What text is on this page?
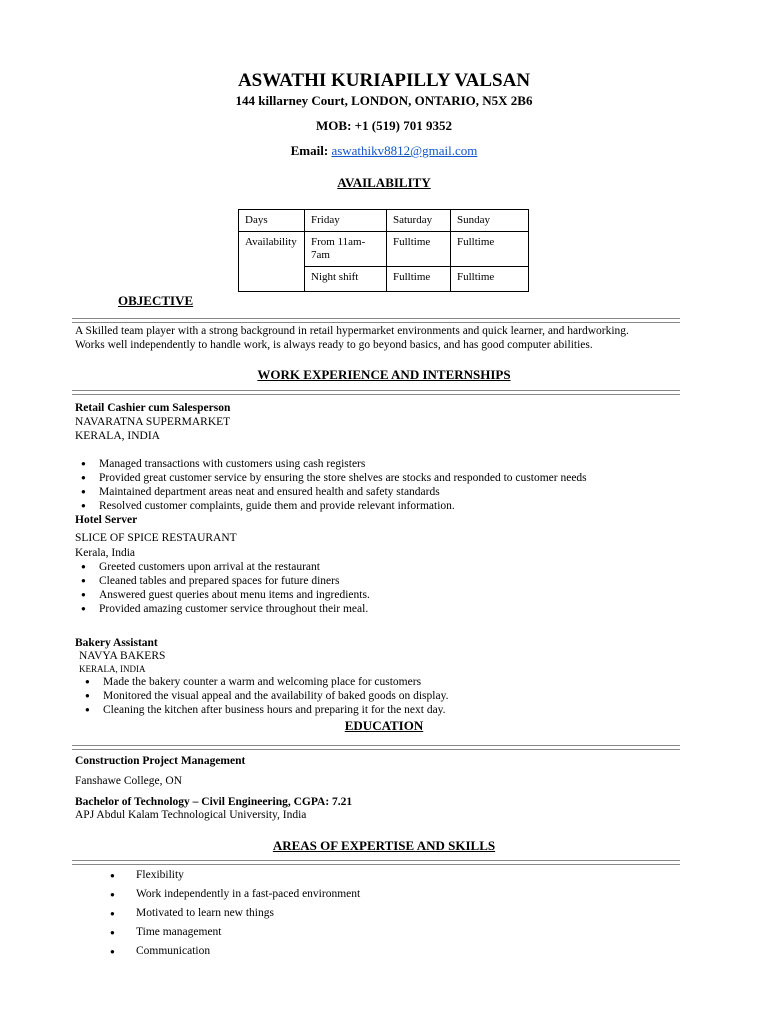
ASWATHI KURIAPILLY VALSAN
144 killarney Court, LONDON, ONTARIO, N5X 2B6
MOB: +1 (519) 701 9352
Email: aswathikv8812@gmail.com
AVAILABILITY
Days	Friday	Saturday	Sunday
Availability	From 11am-7am	Fulltime	Fulltime
	Night shift	Fulltime	Fulltime
OBJECTIVE
A Skilled team player with a strong background in retail hypermarket environments and quick learner, and hardworking.
Works well independently to handle work, is always ready to go beyond basics, and has good computer abilities.
WORK EXPERIENCE AND INTERNSHIPS
Retail Cashier cum Salesperson
NAVARATNA SUPERMARKET
KERALA, INDIA
● Managed transactions with customers using cash registers
● Provided great customer service by ensuring the store shelves are stocks and responded to customer needs
● Maintained department areas neat and ensured health and safety standards
● Resolved customer complaints, guide them and provide relevant information.
Hotel Server
SLICE OF SPICE RESTAURANT
Kerala, India
● Greeted customers upon arrival at the restaurant
● Cleaned tables and prepared spaces for future diners
● Answered guest queries about menu items and ingredients.
● Provided amazing customer service throughout their meal.
Bakery Assistant
NAVYA BAKERS
KERALA, INDIA
● Made the bakery counter a warm and welcoming place for customers
● Monitored the visual appeal and the availability of baked goods on display.
● Cleaning the kitchen after business hours and preparing it for the next day.
EDUCATION
Construction Project Management
Fanshawe College, ON
Bachelor of Technology – Civil Engineering, CGPA: 7.21
APJ Abdul Kalam Technological University, India
AREAS OF EXPERTISE AND SKILLS
● Flexibility
● Work independently in a fast-paced environment
● Motivated to learn new things
● Time management
● Communication
